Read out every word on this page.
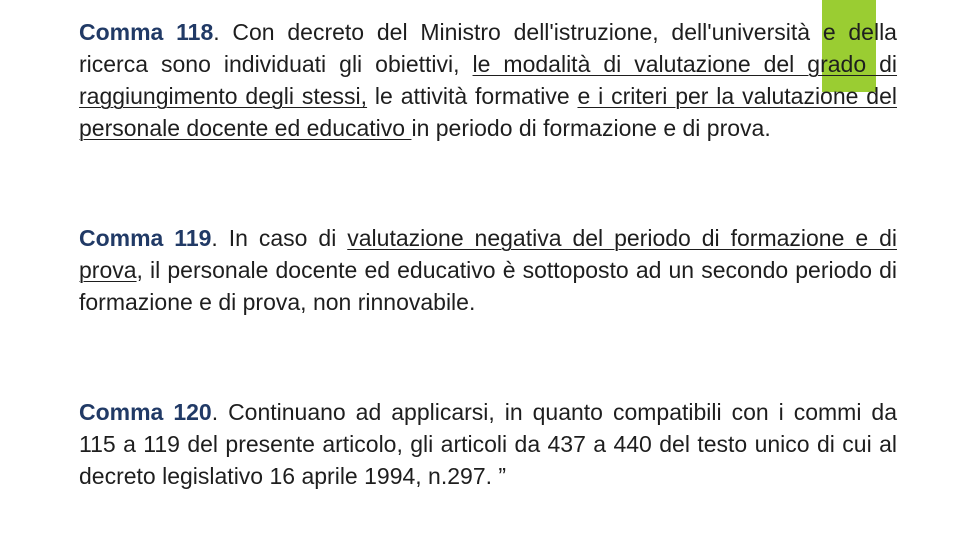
Comma 118. Con decreto del Ministro dell'istruzione, dell'università e della ricerca sono individuati gli obiettivi, le modalità di valutazione del grado di raggiungimento degli stessi, le attività formative e i criteri per la valutazione del personale docente ed educativo in periodo di formazione e di prova.

Comma 119. In caso di valutazione negativa del periodo di formazione e di prova, il personale docente ed educativo è sottoposto ad un secondo periodo di formazione e di prova, non rinnovabile.

Comma 120. Continuano ad applicarsi, in quanto compatibili con i commi da 115 a 119 del presente articolo, gli articoli da 437 a 440 del testo unico di cui al decreto legislativo 16 aprile 1994, n.297. ”
